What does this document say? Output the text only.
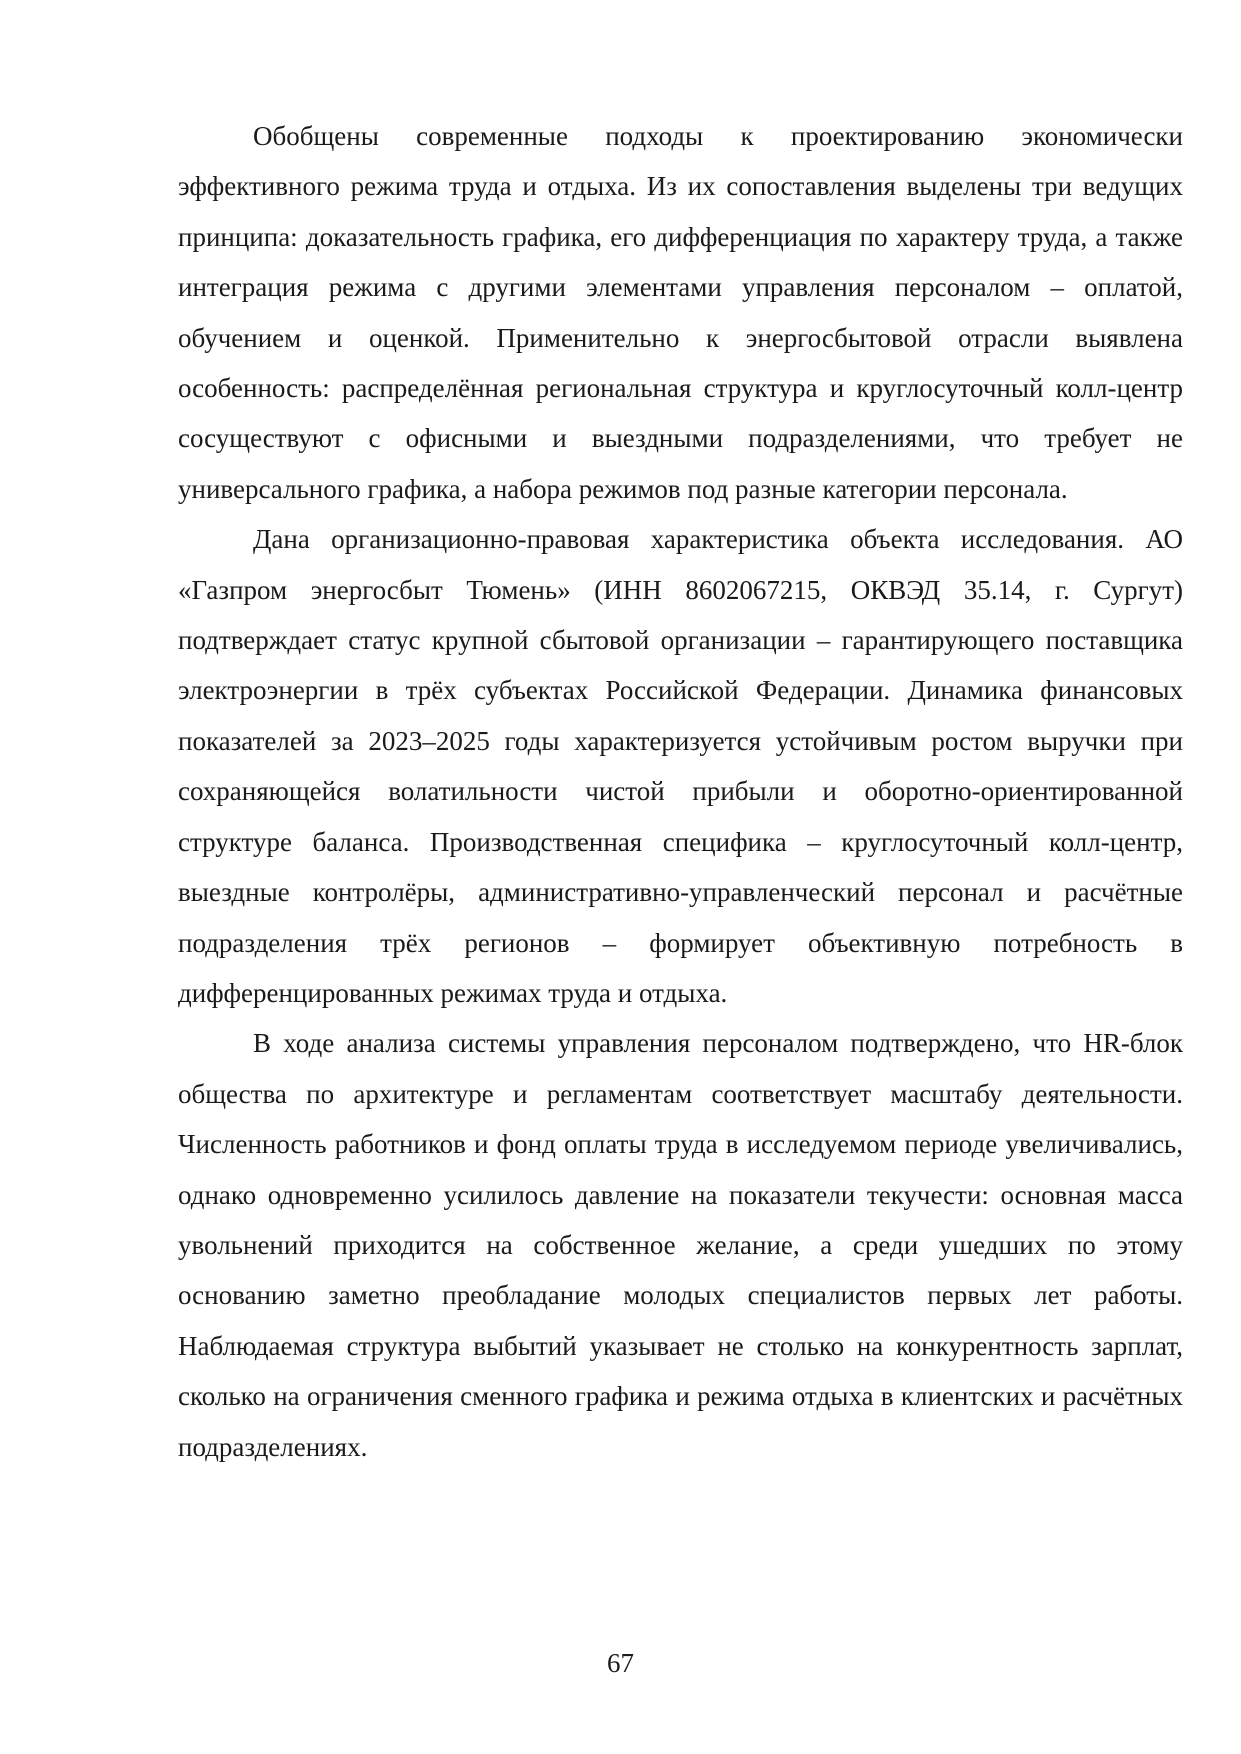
Обобщены современные подходы к проектированию экономически эффективного режима труда и отдыха. Из их сопоставления выделены три ведущих принципа: доказательность графика, его дифференциация по характеру труда, а также интеграция режима с другими элементами управления персоналом – оплатой, обучением и оценкой. Применительно к энергосбытовой отрасли выявлена особенность: распределённая региональная структура и круглосуточный колл-центр сосуществуют с офисными и выездными подразделениями, что требует не универсального графика, а набора режимов под разные категории персонала.

Дана организационно-правовая характеристика объекта исследования. АО «Газпром энергосбыт Тюмень» (ИНН 8602067215, ОКВЭД 35.14, г. Сургут) подтверждает статус крупной сбытовой организации – гарантирующего поставщика электроэнергии в трёх субъектах Российской Федерации. Динамика финансовых показателей за 2023–2025 годы характеризуется устойчивым ростом выручки при сохраняющейся волатильности чистой прибыли и оборотно-ориентированной структуре баланса. Производственная специфика – круглосуточный колл-центр, выездные контролёры, административно-управленческий персонал и расчётные подразделения трёх регионов – формирует объективную потребность в дифференцированных режимах труда и отдыха.

В ходе анализа системы управления персоналом подтверждено, что HR-блок общества по архитектуре и регламентам соответствует масштабу деятельности. Численность работников и фонд оплаты труда в исследуемом периоде увеличивались, однако одновременно усилилось давление на показатели текучести: основная масса увольнений приходится на собственное желание, а среди ушедших по этому основанию заметно преобладание молодых специалистов первых лет работы. Наблюдаемая структура выбытий указывает не столько на конкурентность зарплат, сколько на ограничения сменного графика и режима отдыха в клиентских и расчётных подразделениях.

67
